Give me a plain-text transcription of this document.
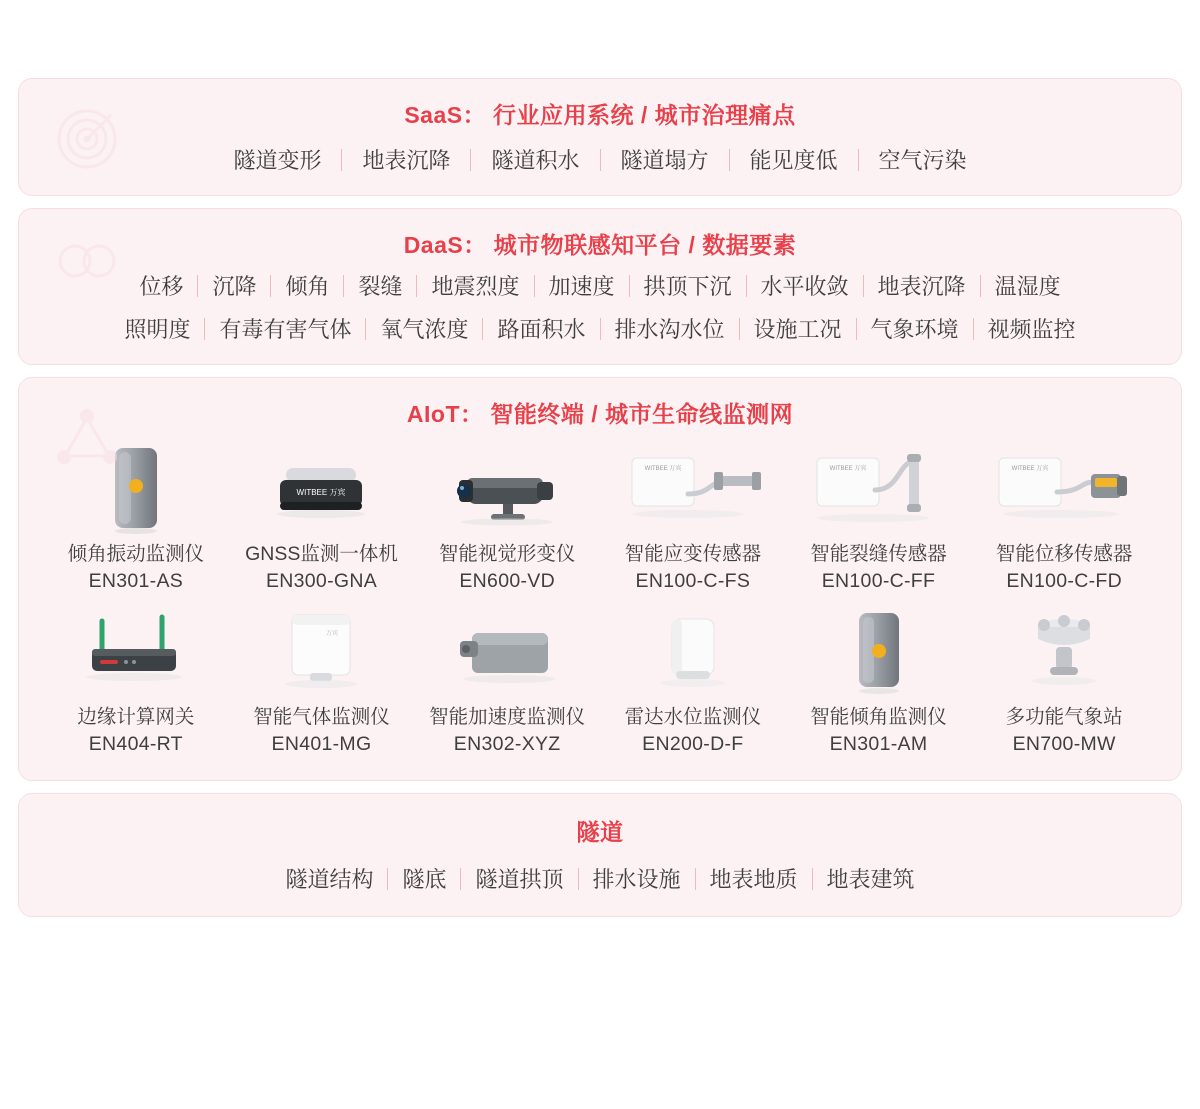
SaaS： 行业应用系统 / 城市治理痛点
隧道变形	地表沉降	隧道积水	隧道塌方	能见度低	空气污染
DaaS： 城市物联感知平台 / 数据要素
位移	沉降	倾角	裂缝	地震烈度	加速度	拱顶下沉	水平收敛	地表沉降	温湿度
照明度	有毒有害气体	氧气浓度	路面积水	排水沟水位	设施工况	气象环境	视频监控
AIoT： 智能终端 / 城市生命线监测网
倾角振动监测仪
EN301-AS
WITBEE 万宾
GNSS监测一体机
EN300-GNA
智能视觉形变仪
EN600-VD
WITBEE 万宾
智能应变传感器
EN100-C-FS
WITBEE 万宾
智能裂缝传感器
EN100-C-FF
WITBEE 万宾
智能位移传感器
EN100-C-FD
边缘计算网关
EN404-RT
万宾
智能气体监测仪
EN401-MG
智能加速度监测仪
EN302-XYZ
雷达水位监测仪
EN200-D-F
智能倾角监测仪
EN301-AM
多功能气象站
EN700-MW
隧道
隧道结构	隧底	隧道拱顶	排水设施	地表地质	地表建筑
